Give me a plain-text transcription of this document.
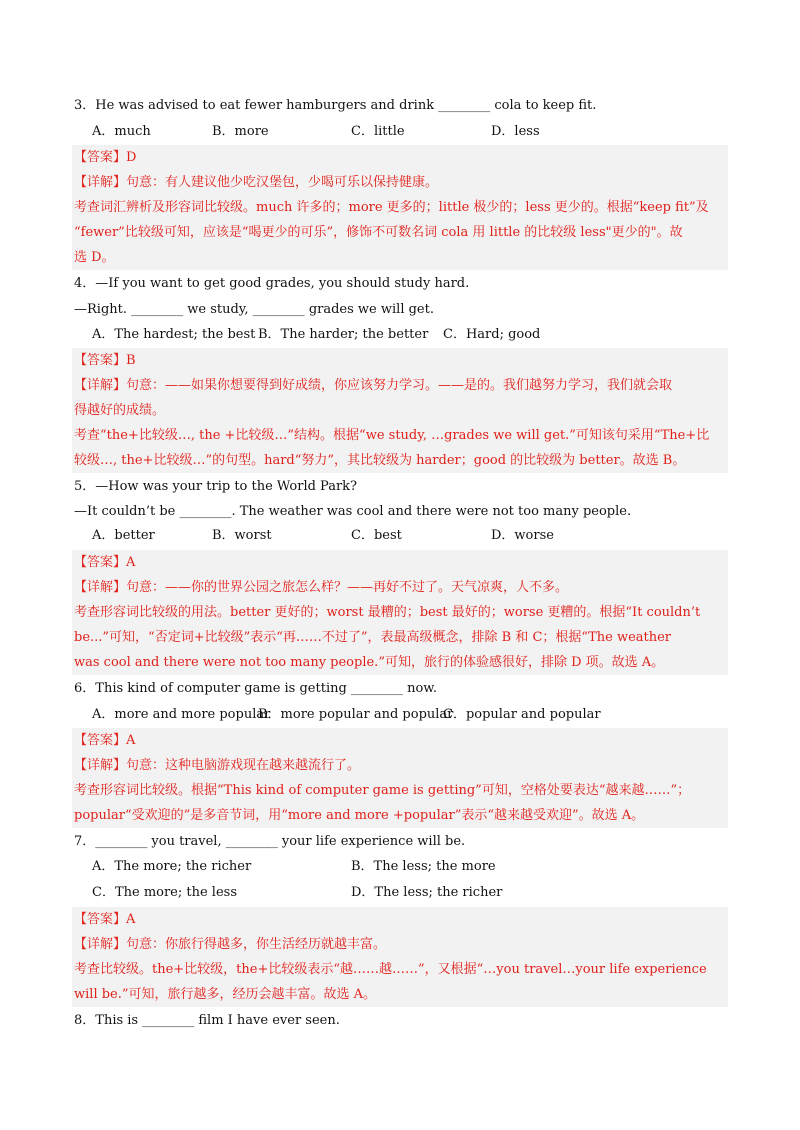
3．He was advised to eat fewer hamburgers and drink ________ cola to keep fit.
A．much	B．more	C．little	D．less
【答案】D
【详解】句意：有人建议他少吃汉堡包，少喝可乐以保持健康。
考查词汇辨析及形容词比较级。much 许多的；more 更多的；little 极少的；less 更少的。根据“keep fit”及
“fewer”比较级可知，应该是“喝更少的可乐”，修饰不可数名词 cola 用 little 的比较级 less"更少的"。故
选 D。
4．—If you want to get good grades, you should study hard.
—Right. ________ we study, ________ grades we will get.
A．The hardest; the best B．The harder; the better C．Hard; good
【答案】B
【详解】句意：——如果你想要得到好成绩，你应该努力学习。——是的。我们越努力学习，我们就会取
得越好的成绩。
考查“the+比较级…, the +比较级…”结构。根据“we study, …grades we will get.”可知该句采用“The+比
较级…, the+比较级…”的句型。hard“努力”，其比较级为 harder；good 的比较级为 better。故选 B。
5．—How was your trip to the World Park?
—It couldn’t be ________. The weather was cool and there were not too many people.
A．better	B．worst	C．best	D．worse
【答案】A
【详解】句意：——你的世界公园之旅怎么样？——再好不过了。天气凉爽，人不多。
考查形容词比较级的用法。better 更好的；worst 最糟的；best 最好的；worse 更糟的。根据“It couldn’t
be...”可知，“否定词+比较级”表示“再……不过了”，表最高级概念，排除 B 和 C；根据“The weather
was cool and there were not too many people.”可知，旅行的体验感很好，排除 D 项。故选 A。
6．This kind of computer game is getting ________ now.
A．more and more popular
B．more popular and popular
C．popular and popular
【答案】A
【详解】句意：这种电脑游戏现在越来越流行了。
考查形容词比较级。根据“This kind of computer game is getting”可知，空格处要表达“越来越……”；
popular“受欢迎的”是多音节词，用“more and more +popular”表示“越来越受欢迎”。故选 A。
7．________ you travel, ________ your life experience will be.
A．The more; the richer	B．The less; the more
C．The more; the less	D．The less; the richer
【答案】A
【详解】句意：你旅行得越多，你生活经历就越丰富。
考查比较级。the+比较级，the+比较级表示“越……越……”，又根据“…you travel…your life experience
will be.”可知，旅行越多，经历会越丰富。故选 A。
8．This is ________ film I have ever seen.
